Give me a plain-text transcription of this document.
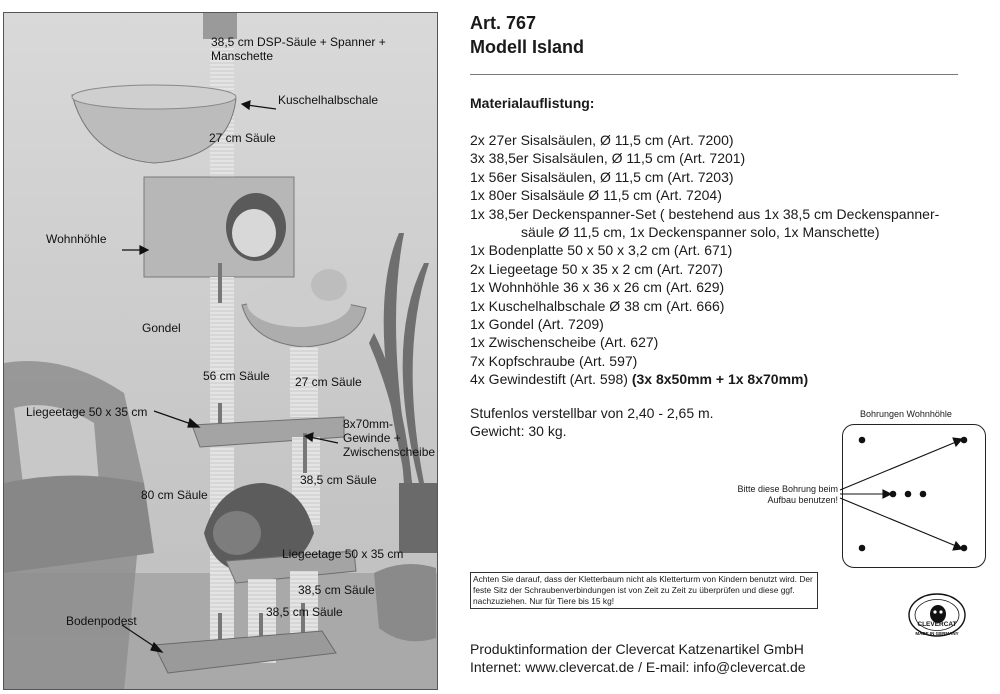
38,5 cm DSP-Säule + Spanner + Manschette
Kuschelhalbschale
27 cm Säule
Wohnhöhle
Gondel
56 cm Säule 27 cm Säule
Liegeetage 50 x 35 cm
8x70mm- Gewinde + Zwischenscheibe
38,5 cm Säule
80 cm Säule
Liegeetage 50 x 35 cm
38,5 cm Säule
38,5 cm Säule
Bodenpodest
Art. 767
Modell Island
Materialauflistung:
2x 27er Sisalsäulen, Ø 11,5 cm (Art. 7200)
3x 38,5er Sisalsäulen, Ø 11,5 cm (Art. 7201)
1x 56er Sisalsäulen, Ø 11,5 cm (Art. 7203)
1x 80er Sisalsäule Ø 11,5 cm (Art. 7204)
1x 38,5er Deckenspanner-Set ( bestehend aus 1x 38,5 cm Deckenspanner-
säule Ø 11,5 cm, 1x Deckenspanner solo, 1x Manschette)
1x Bodenplatte 50 x 50 x 3,2 cm (Art. 671)
2x Liegeetage 50 x 35 x 2 cm (Art. 7207)
1x Wohnhöhle 36 x 36 x 26 cm (Art. 629)
1x Kuschelhalbschale Ø 38 cm (Art. 666)
1x Gondel (Art. 7209)
1x Zwischenscheibe (Art. 627)
7x Kopfschraube (Art. 597)
4x Gewindestift (Art. 598) (3x 8x50mm + 1x 8x70mm)
Stufenlos verstellbar von 2,40 - 2,65 m.
Gewicht: 30 kg.
Bohrungen Wohnhöhle
Bitte diese Bohrung beim Aufbau benutzen!
Achten Sie darauf, dass der Kletterbaum nicht als Kletterturm von Kindern benutzt wird. Der feste Sitz der Schraubenverbindungen ist von Zeit zu Zeit zu überprüfen und diese ggf. nachzuziehen. Nur für Tiere bis 15 kg!
CLEVERCAT
MADE IN GERMANY
Produktinformation der Clevercat Katzenartikel GmbH
Internet: www.clevercat.de / E-mail: info@clevercat.de
